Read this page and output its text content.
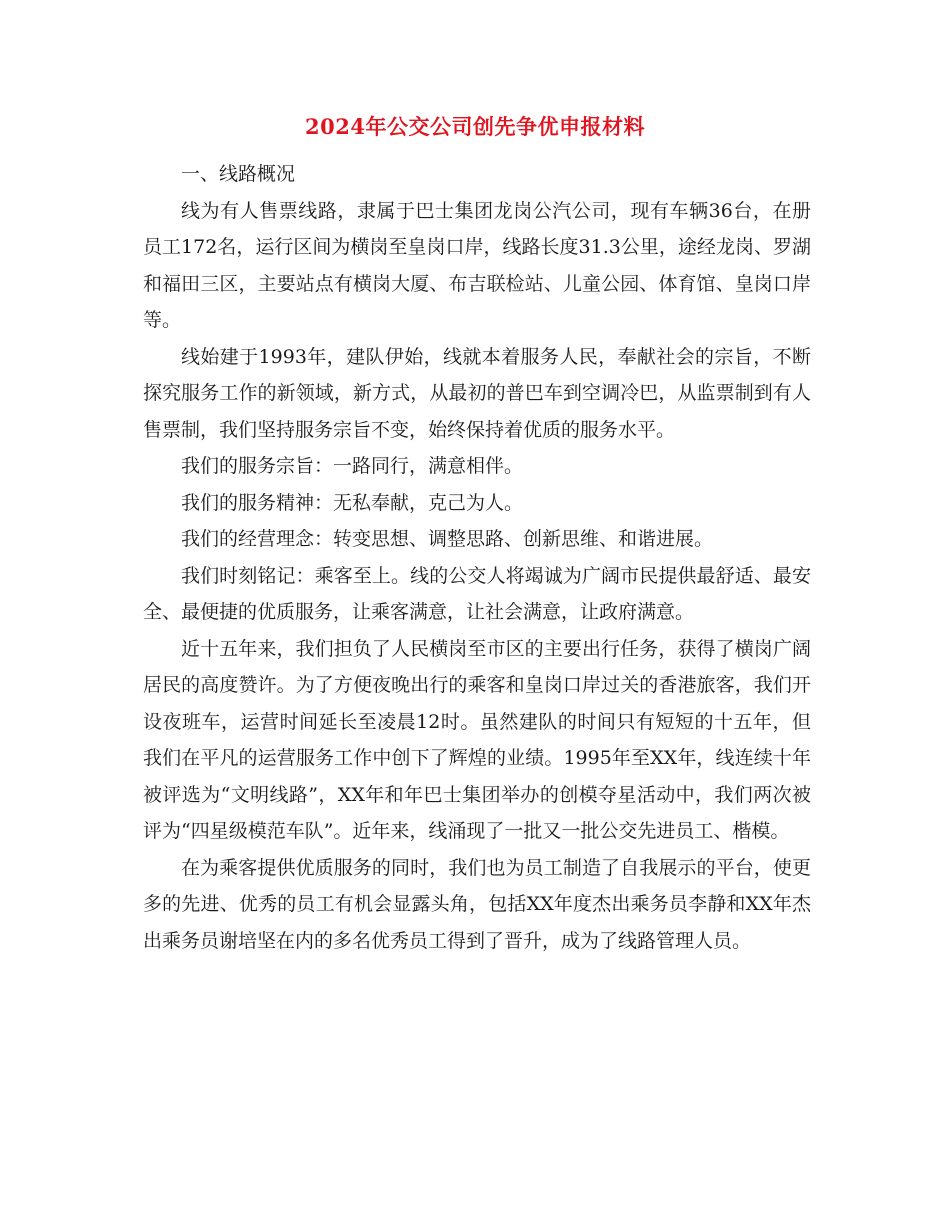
2024年公交公司创先争优申报材料

一、线路概况

线为有人售票线路，隶属于巴士集团龙岗公汽公司，现有车辆36台，在册员工172名，运行区间为横岗至皇岗口岸，线路长度31.3公里，途经龙岗、罗湖和福田三区，主要站点有横岗大厦、布吉联检站、儿童公园、体育馆、皇岗口岸等。

线始建于1993年，建队伊始，线就本着服务人民，奉献社会的宗旨，不断探究服务工作的新领域，新方式，从最初的普巴车到空调冷巴，从监票制到有人售票制，我们坚持服务宗旨不变，始终保持着优质的服务水平。

我们的服务宗旨：一路同行，满意相伴。

我们的服务精神：无私奉献，克己为人。

我们的经营理念：转变思想、调整思路、创新思维、和谐进展。

我们时刻铭记：乘客至上。线的公交人将竭诚为广阔市民提供最舒适、最安全、最便捷的优质服务，让乘客满意，让社会满意，让政府满意。

近十五年来，我们担负了人民横岗至市区的主要出行任务，获得了横岗广阔居民的高度赞许。为了方便夜晚出行的乘客和皇岗口岸过关的香港旅客，我们开设夜班车，运营时间延长至凌晨12时。虽然建队的时间只有短短的十五年，但我们在平凡的运营服务工作中创下了辉煌的业绩。1995年至XX年，线连续十年被评选为“文明线路”，XX年和年巴士集团举办的创模夺星活动中，我们两次被评为“四星级模范车队”。近年来，线涌现了一批又一批公交先进员工、楷模。

在为乘客提供优质服务的同时，我们也为员工制造了自我展示的平台，使更多的先进、优秀的员工有机会显露头角，包括XX年度杰出乘务员李静和XX年杰出乘务员谢培坚在内的多名优秀员工得到了晋升，成为了线路管理人员。
